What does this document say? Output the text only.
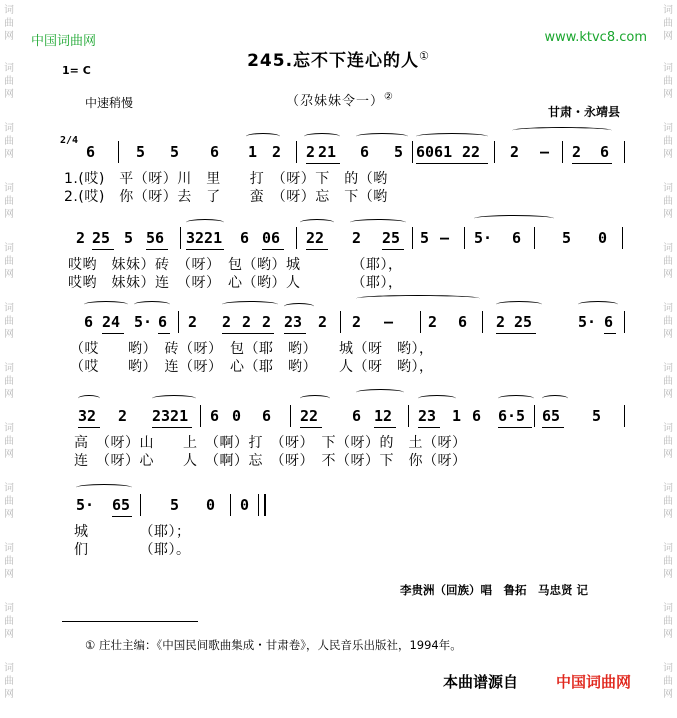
词
曲
网
词
曲
网
词
曲
网
词
曲
网
词
曲
网
词
曲
网
词
曲
网
词
曲
网
词
曲
网
词
曲
网
词
曲
网
词
曲
网
词
曲
网
词
曲
网
词
曲
网
词
曲
网
词
曲
网
词
曲
网
词
曲
网
词
曲
网
词
曲
网
词
曲
网
词
曲
网
词
曲
网
中国词曲网	www.ktvc8.com
245.忘不下连心的人①
1= C
中速稍慢	（尕妹妹令一）②
甘肃・永靖县
2/4
6	5 5 6 1 2 2 21 6 5 6061 22 2 — 2 6
1.(哎)　平（呀）川　里　　打　（呀）下　的（哟
2.(哎)　你（呀）去　了　　蛮　（呀）忘　下（哟
2 25 5 56 3221 6 06 22 2 25 5 — 5· 6	5 0
哎哟　妹妹）砖　（呀）　包（哟）城　　　　（耶），
哎哟　妹妹）连　（呀）　心（哟）人　　　　（耶），
6 24 5· 6 2 2 2 2 23 2 2 — 2 6 2 25	5· 6
（哎　　哟）　砖（呀）　包（耶　哟）　　城（呀　哟），
（哎　　哟）　连（呀）　心（耶　哟）　　人（呀　哟），
32 2 2321 6 0 6 22 6 12 23 1 6 6·5 65 5
高　（呀）山　　上　（啊）打　（呀）　下（呀）的　土（呀）
连　（呀）心　　人　（啊）忘　（呀）　不（呀）下　你（呀）
5· 65	5 0 0
城　　　　（耶）；
们　　　　（耶）。
李贵洲（回族）唱　鲁拓　马忠贤 记
① 庄壮主编：《中国民间歌曲集成・甘肃卷》，人民音乐出版社，1994年。
本曲谱源自	中国词曲网
